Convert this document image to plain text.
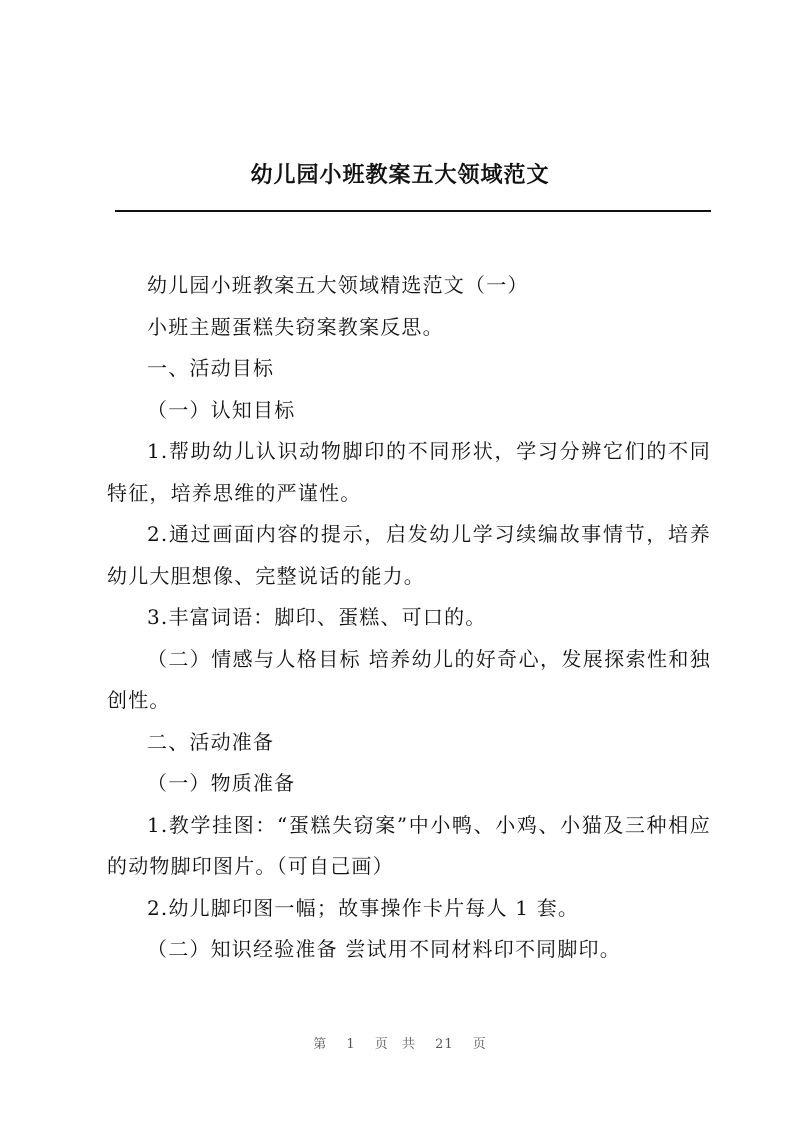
幼儿园小班教案五大领域范文

幼儿园小班教案五大领域精选范文（一）

小班主题蛋糕失窃案教案反思。

一、活动目标

（一）认知目标

1.帮助幼儿认识动物脚印的不同形状，学习分辨它们的不同特征，培养思维的严谨性。

2.通过画面内容的提示，启发幼儿学习续编故事情节，培养幼儿大胆想像、完整说话的能力。

3.丰富词语：脚印、蛋糕、可口的。

（二）情感与人格目标 培养幼儿的好奇心，发展探索性和独创性。

二、活动准备

（一）物质准备

1.教学挂图：“蛋糕失窃案”中小鸭、小鸡、小猫及三种相应的动物脚印图片。（可自己画）

2.幼儿脚印图一幅；故事操作卡片每人 1 套。

（二）知识经验准备 尝试用不同材料印不同脚印。

第 1 页 共 21 页
